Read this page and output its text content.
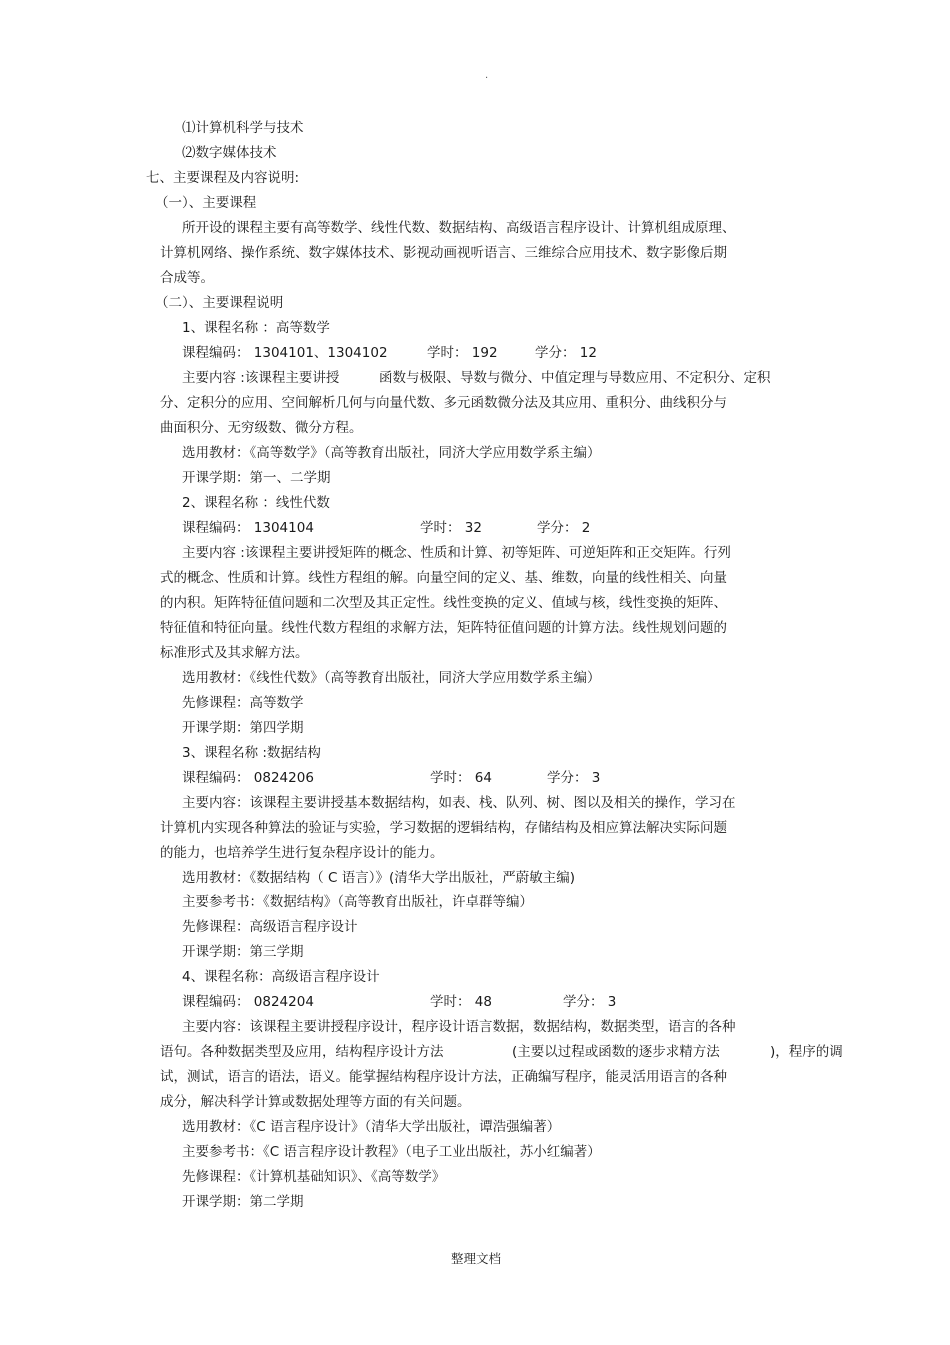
.
⑴计算机科学与技术
⑵数字媒体技术
七、主要课程及内容说明:
（一）、主要课程
所开设的课程主要有高等数学、线性代数、数据结构、高级语言程序设计、计算机组成原理、
计算机网络、操作系统、数字媒体技术、影视动画视听语言、三维综合应用技术、数字影像后期
合成等。
（二）、主要课程说明
1、课程名称 ：高等数学
课程编码： 1304101、1304102	学时： 192	学分： 12
主要内容 :该课程主要讲授	函数与极限、导数与微分、中值定理与导数应用、不定积分、定积
分、定积分的应用、空间解析几何与向量代数、多元函数微分法及其应用、重积分、曲线积分与
曲面积分、无穷级数、微分方程。
选用教材：《高等数学》（高等教育出版社，同济大学应用数学系主编）
开课学期：第一、二学期
2、课程名称 ：线性代数
课程编码： 1304104	学时： 32	学分： 2
主要内容 :该课程主要讲授矩阵的概念、性质和计算、初等矩阵、可逆矩阵和正交矩阵。行列
式的概念、性质和计算。线性方程组的解。向量空间的定义、基、维数，向量的线性相关、向量
的内积。矩阵特征值问题和二次型及其正定性。线性变换的定义、值域与核，线性变换的矩阵、
特征值和特征向量。线性代数方程组的求解方法，矩阵特征值问题的计算方法。线性规划问题的
标准形式及其求解方法。
选用教材：《线性代数》（高等教育出版社，同济大学应用数学系主编）
先修课程：高等数学
开课学期：第四学期
3、课程名称 :数据结构
课程编码： 0824206	学时： 64	学分： 3
主要内容：该课程主要讲授基本数据结构，如表、栈、队列、树、图以及相关的操作，学习在
计算机内实现各种算法的验证与实验，学习数据的逻辑结构，存储结构及相应算法解决实际问题
的能力，也培养学生进行复杂程序设计的能力。
选用教材：《数据结构（ C 语言）》(清华大学出版社，严蔚敏主编)
主要参考书：《数据结构》（高等教育出版社，许卓群等编）
先修课程：高级语言程序设计
开课学期：第三学期
4、课程名称：高级语言程序设计
课程编码： 0824204	学时： 48	学分： 3
主要内容：该课程主要讲授程序设计，程序设计语言数据，数据结构，数据类型，语言的各种
语句。各种数据类型及应用，结构程序设计方法	(主要以过程或函数的逐步求精方法	)，程序的调
试，测试，语言的语法，语义。能掌握结构程序设计方法，正确编写程序，能灵活用语言的各种
成分，解决科学计算或数据处理等方面的有关问题。
选用教材：《C 语言程序设计》（清华大学出版社，谭浩强编著）
主要参考书：《C 语言程序设计教程》（电子工业出版社，苏小红编著）
先修课程：《计算机基础知识》、《高等数学》
开课学期：第二学期
整理文档
